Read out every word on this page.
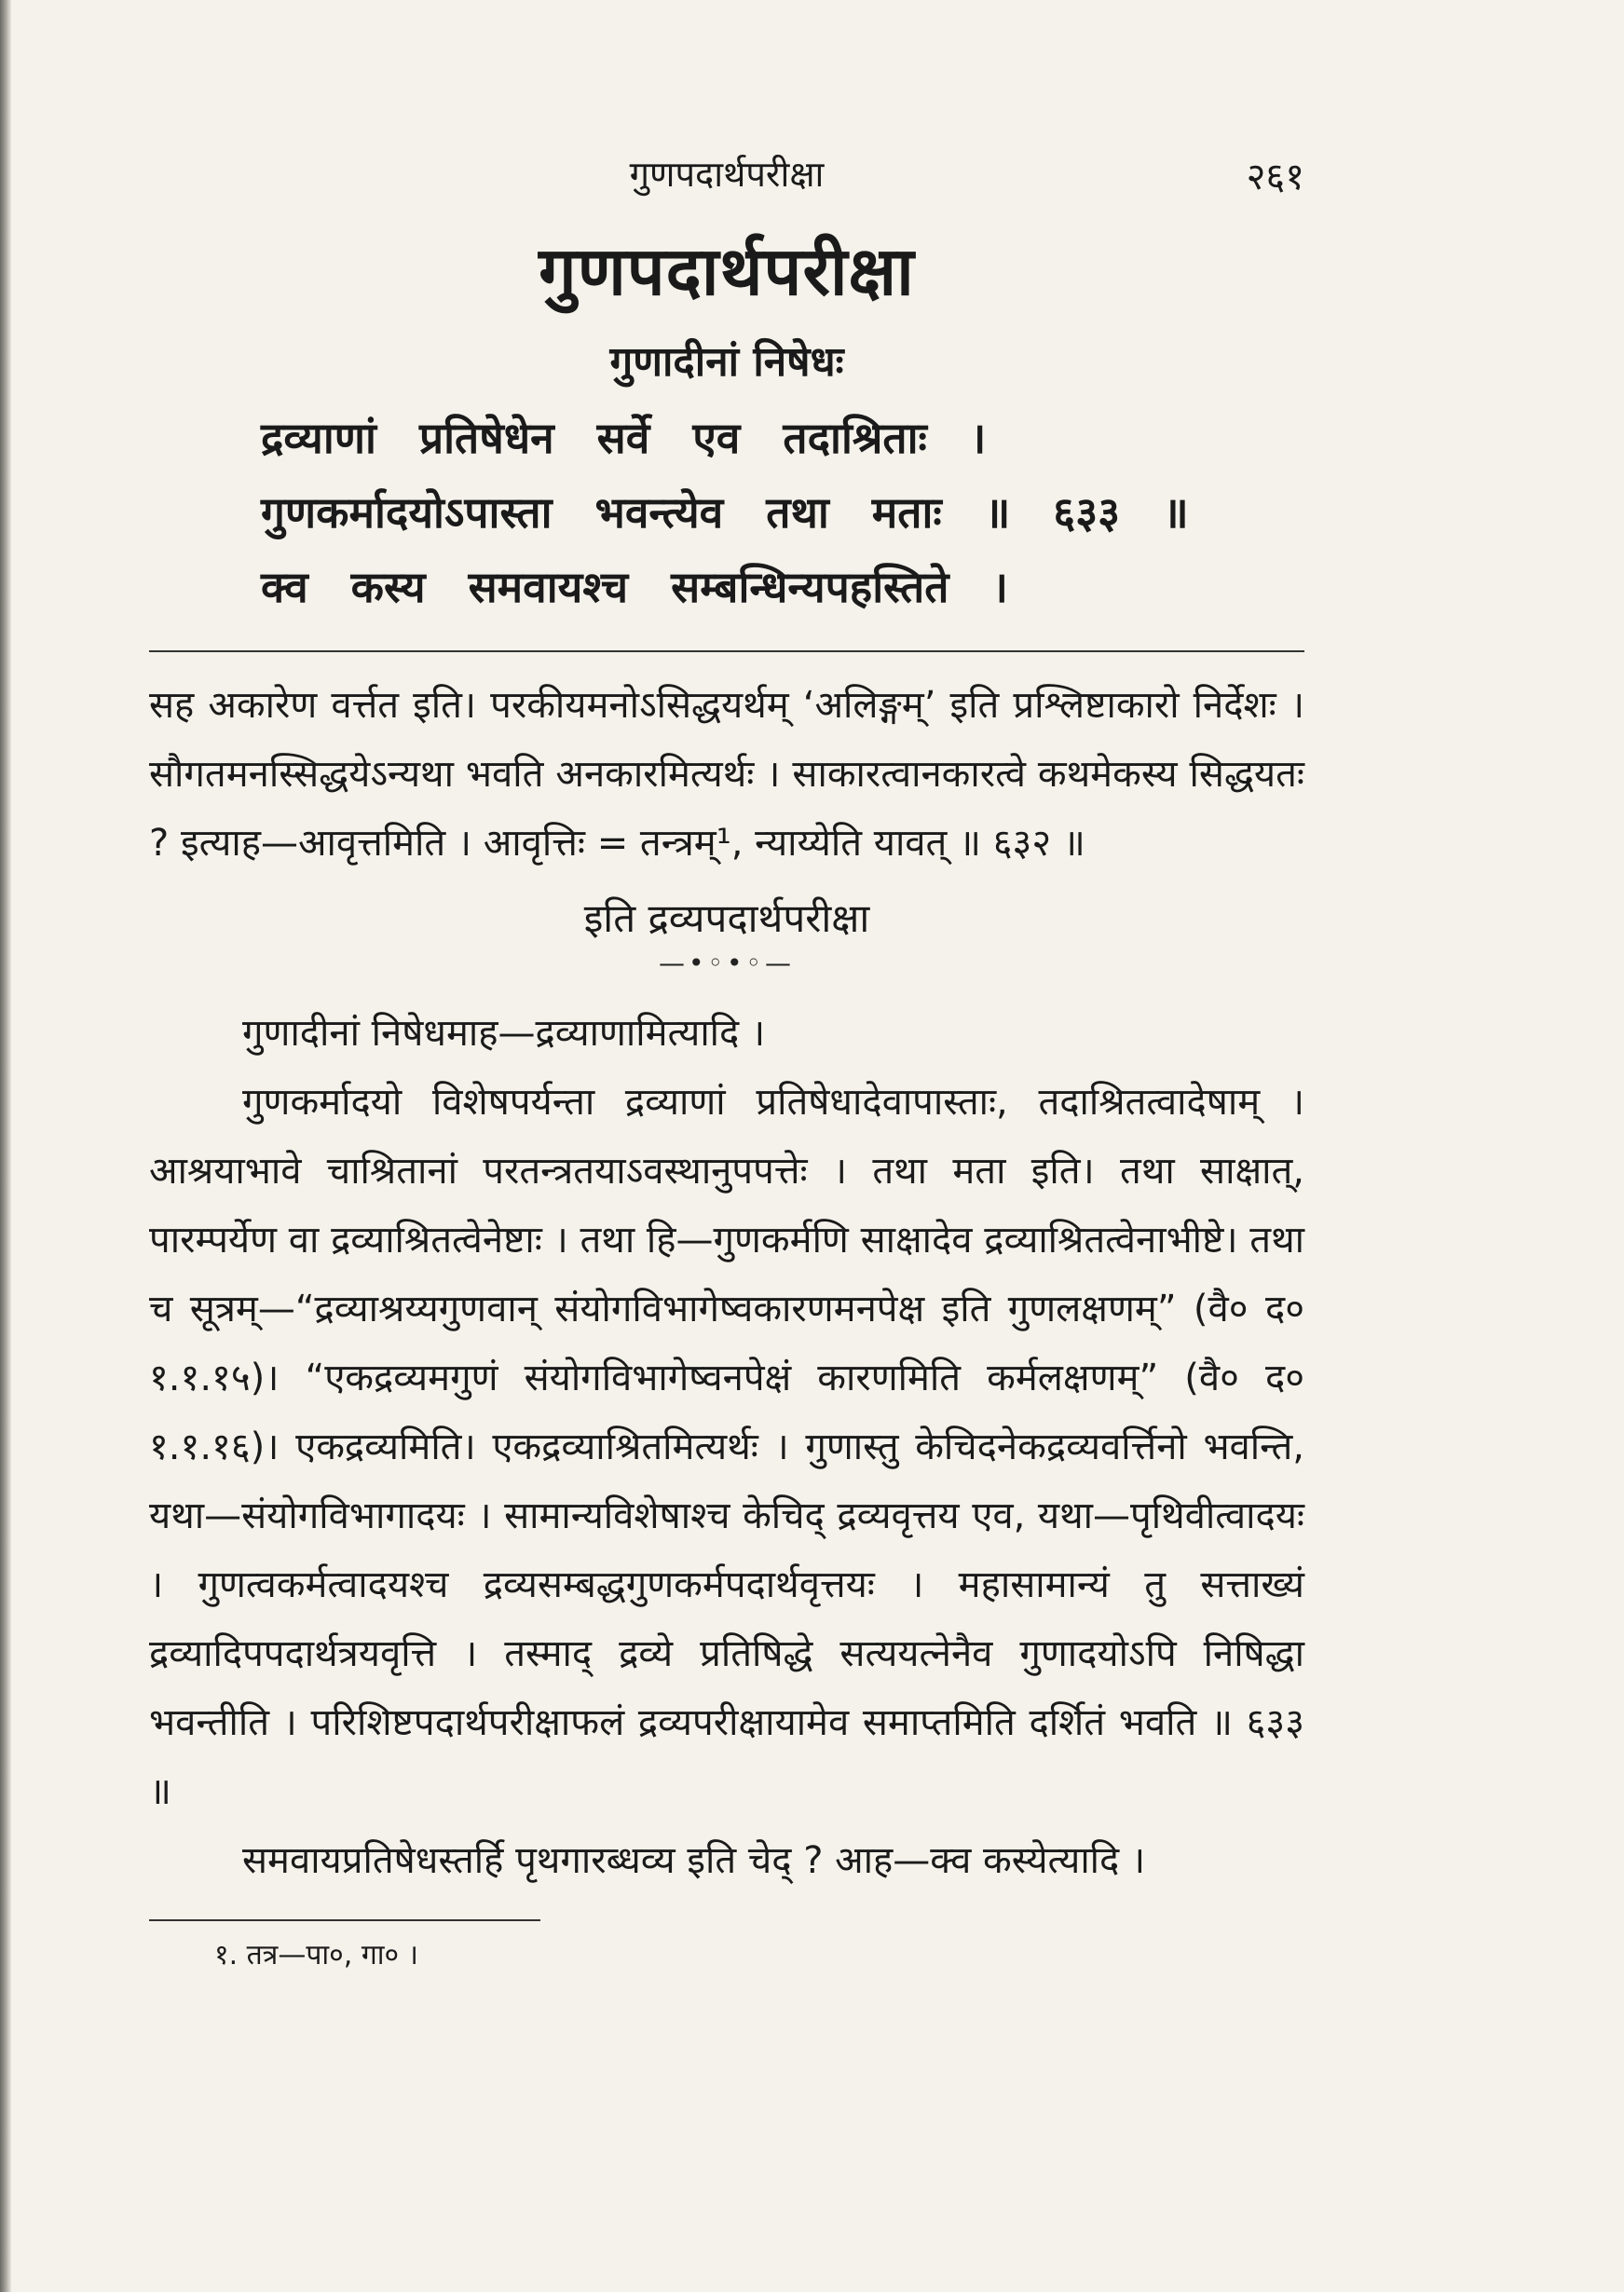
गुणपदार्थपरीक्षा	२६१
गुणपदार्थपरीक्षा
गुणादीनां निषेधः
द्रव्याणां प्रतिषेधेन सर्वे एव तदाश्रिताः ।
गुणकर्मादयोऽपास्ता भवन्त्येव तथा मताः ॥ ६३३ ॥
क्व कस्य समवायश्च सम्बन्धिन्यपहस्तिते ।

सह अकारेण वर्त्तत इति। परकीयमनोऽसिद्धयर्थम् ‘अलिङ्गम्’ इति प्रश्लिष्टाकारो निर्देशः । सौगतमनस्सिद्धयेऽन्यथा भवति अनकारमित्यर्थः । साकारत्वानकारत्वे कथमेकस्य सिद्धयतः ? इत्याह—आवृत्तमिति । आवृत्तिः = तन्त्रम्¹, न्याय्येति यावत् ॥ ६३२ ॥

इति द्रव्यपदार्थपरीक्षा
—•◦•◦—

गुणादीनां निषेधमाह—द्रव्याणामित्यादि ।

गुणकर्मादयो विशेषपर्यन्ता द्रव्याणां प्रतिषेधादेवापास्ताः, तदाश्रितत्वादेषाम् । आश्रयाभावे चाश्रितानां परतन्त्रतयाऽवस्थानुपपत्तेः । तथा मता इति। तथा साक्षात्, पारम्पर्येण वा द्रव्याश्रितत्वेनेष्टाः । तथा हि—गुणकर्मणि साक्षादेव द्रव्याश्रितत्वेनाभीष्टे। तथा च सूत्रम्—“द्रव्याश्रय्यगुणवान् संयोगविभागेष्वकारणमनपेक्ष इति गुणलक्षणम्” (वै० द० १.१.१५)। “एकद्रव्यमगुणं संयोगविभागेष्वनपेक्षं कारणमिति कर्मलक्षणम्” (वै० द० १.१.१६)। एकद्रव्यमिति। एकद्रव्याश्रितमित्यर्थः । गुणास्तु केचिदनेकद्रव्यवर्त्तिनो भवन्ति, यथा—संयोगविभागादयः । सामान्यविशेषाश्च केचिद् द्रव्यवृत्तय एव, यथा—पृथिवीत्वादयः । गुणत्वकर्मत्वादयश्च द्रव्यसम्बद्धगुणकर्मपदार्थवृत्तयः । महासामान्यं तु सत्ताख्यं द्रव्यादिपपदार्थत्रयवृत्ति । तस्माद् द्रव्ये प्रतिषिद्धे सत्ययत्नेनैव गुणादयोऽपि निषिद्धा भवन्तीति । परिशिष्टपदार्थपरीक्षाफलं द्रव्यपरीक्षायामेव समाप्तमिति दर्शितं भवति ॥ ६३३ ॥

समवायप्रतिषेधस्तर्हि पृथगारब्धव्य इति चेद् ? आह—क्व कस्येत्यादि ।

१. तत्र—पा०, गा० ।
